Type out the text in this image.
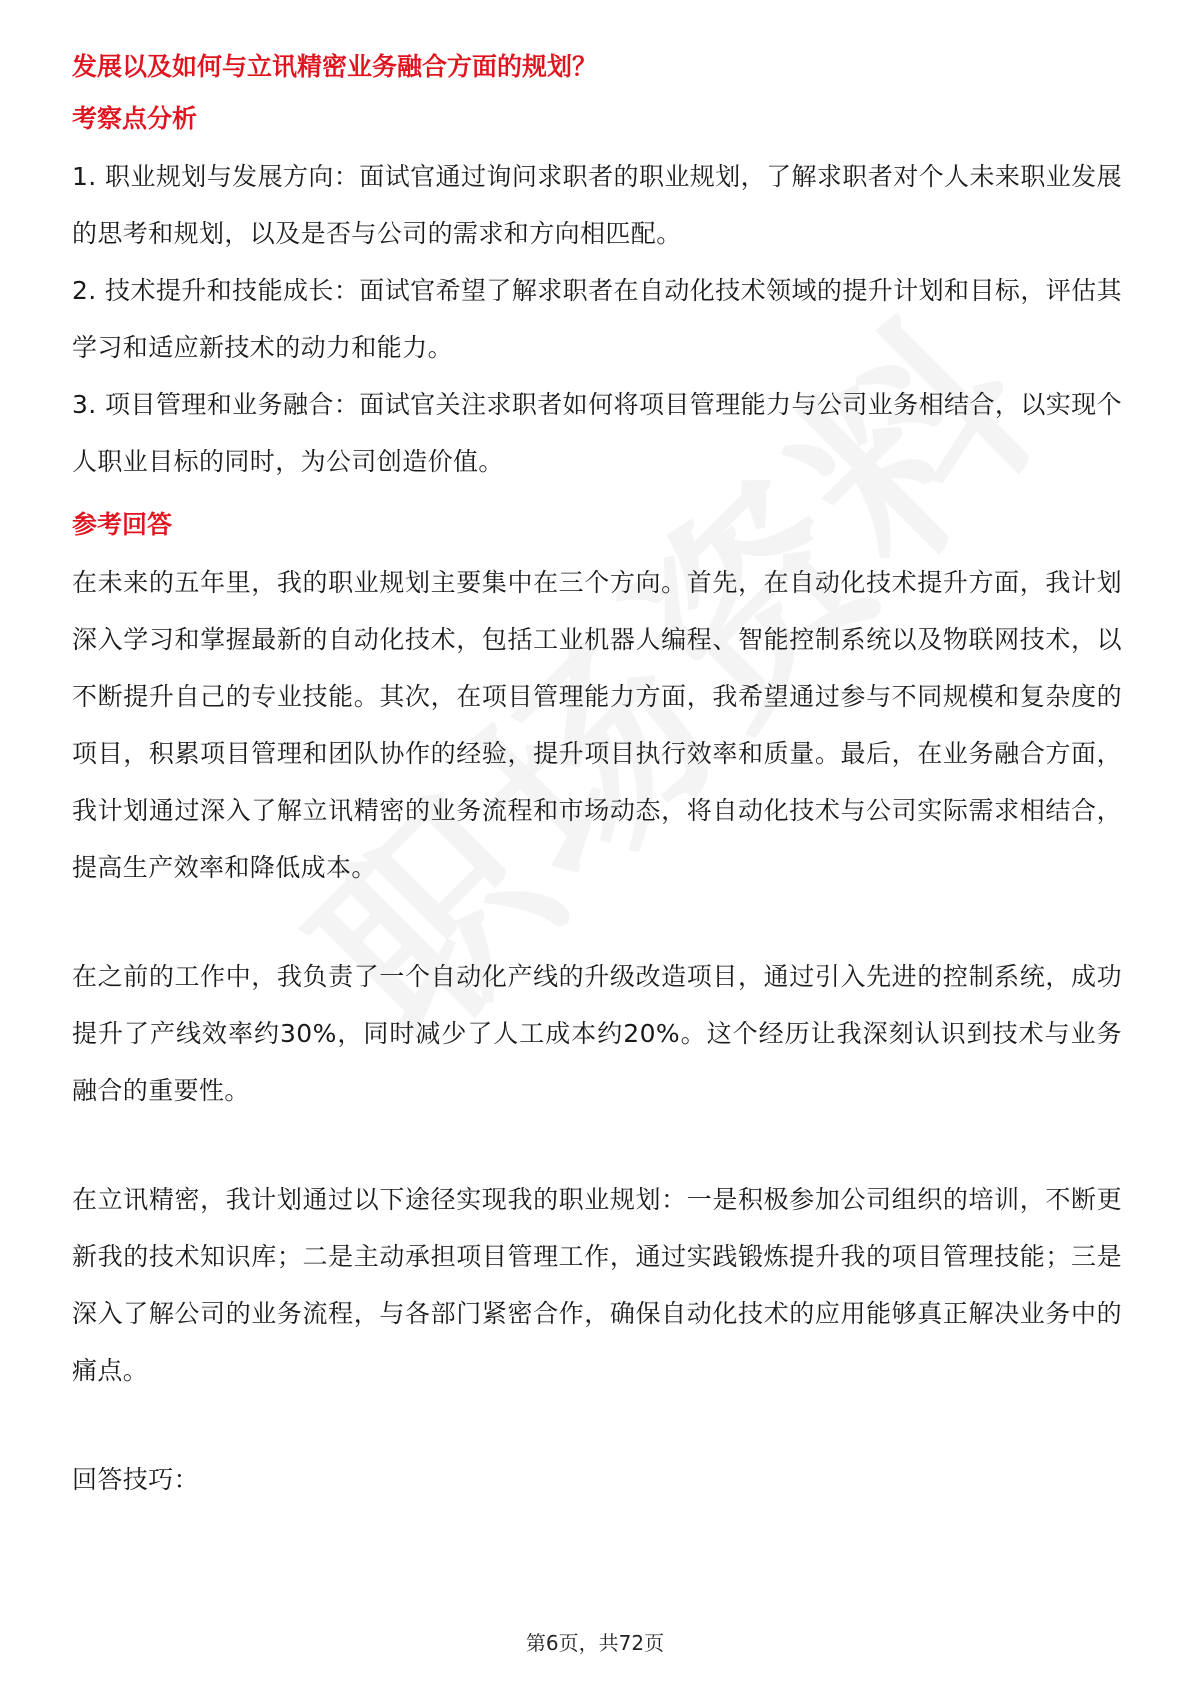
发展以及如何与立讯精密业务融合方面的规划？

考察点分析

1. 职业规划与发展方向：面试官通过询问求职者的职业规划，了解求职者对个人未来职业发展的思考和规划，以及是否与公司的需求和方向相匹配。

2. 技术提升和技能成长：面试官希望了解求职者在自动化技术领域的提升计划和目标，评估其学习和适应新技术的动力和能力。

3. 项目管理和业务融合：面试官关注求职者如何将项目管理能力与公司业务相结合，以实现个人职业目标的同时，为公司创造价值。

参考回答

在未来的五年里，我的职业规划主要集中在三个方向。首先，在自动化技术提升方面，我计划深入学习和掌握最新的自动化技术，包括工业机器人编程、智能控制系统以及物联网技术，以不断提升自己的专业技能。其次，在项目管理能力方面，我希望通过参与不同规模和复杂度的项目，积累项目管理和团队协作的经验，提升项目执行效率和质量。最后，在业务融合方面，我计划通过深入了解立讯精密的业务流程和市场动态，将自动化技术与公司实际需求相结合，提高生产效率和降低成本。

在之前的工作中，我负责了一个自动化产线的升级改造项目，通过引入先进的控制系统，成功提升了产线效率约30%，同时减少了人工成本约20%。这个经历让我深刻认识到技术与业务融合的重要性。

在立讯精密，我计划通过以下途径实现我的职业规划：一是积极参加公司组织的培训，不断更新我的技术知识库；二是主动承担项目管理工作，通过实践锻炼提升我的项目管理技能；三是深入了解公司的业务流程，与各部门紧密合作，确保自动化技术的应用能够真正解决业务中的痛点。

回答技巧：

第6页，共72页
